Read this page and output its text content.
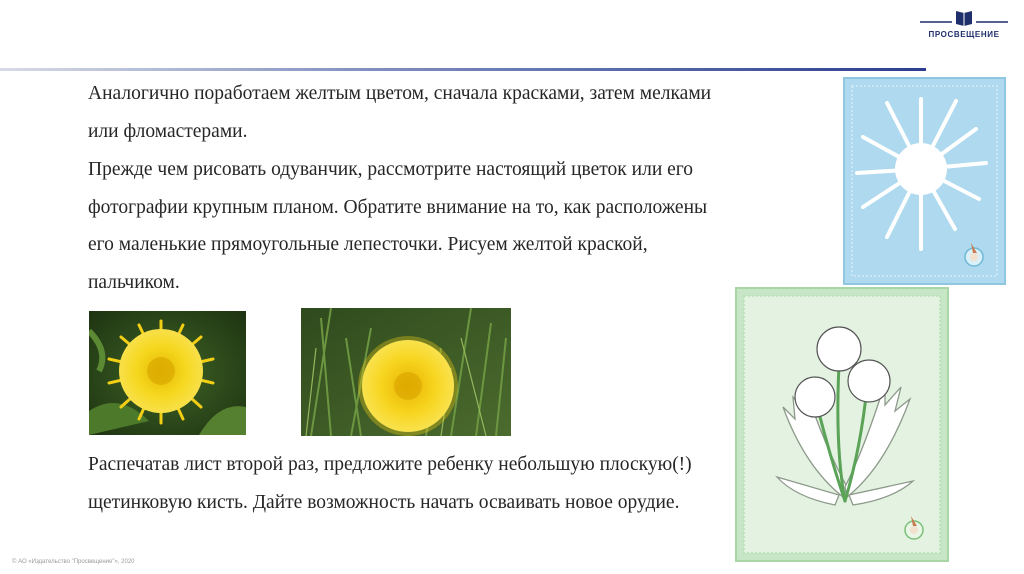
ПРОСВЕЩЕНИЕ

Аналогично поработаем желтым цветом, сначала красками, затем мелками или фломастерами.

Прежде чем рисовать одуванчик, рассмотрите настоящий цветок или его фотографии крупным планом. Обратите внимание на то, как расположены его маленькие прямоугольные лепесточки. Рисуем желтой краской, пальчиком.

Распечатав лист второй раз, предложите ребенку небольшую плоскую(!) щетинковую кисть. Дайте возможность начать осваивать новое орудие.

© АО «Издательство "Просвещение"», 2020
